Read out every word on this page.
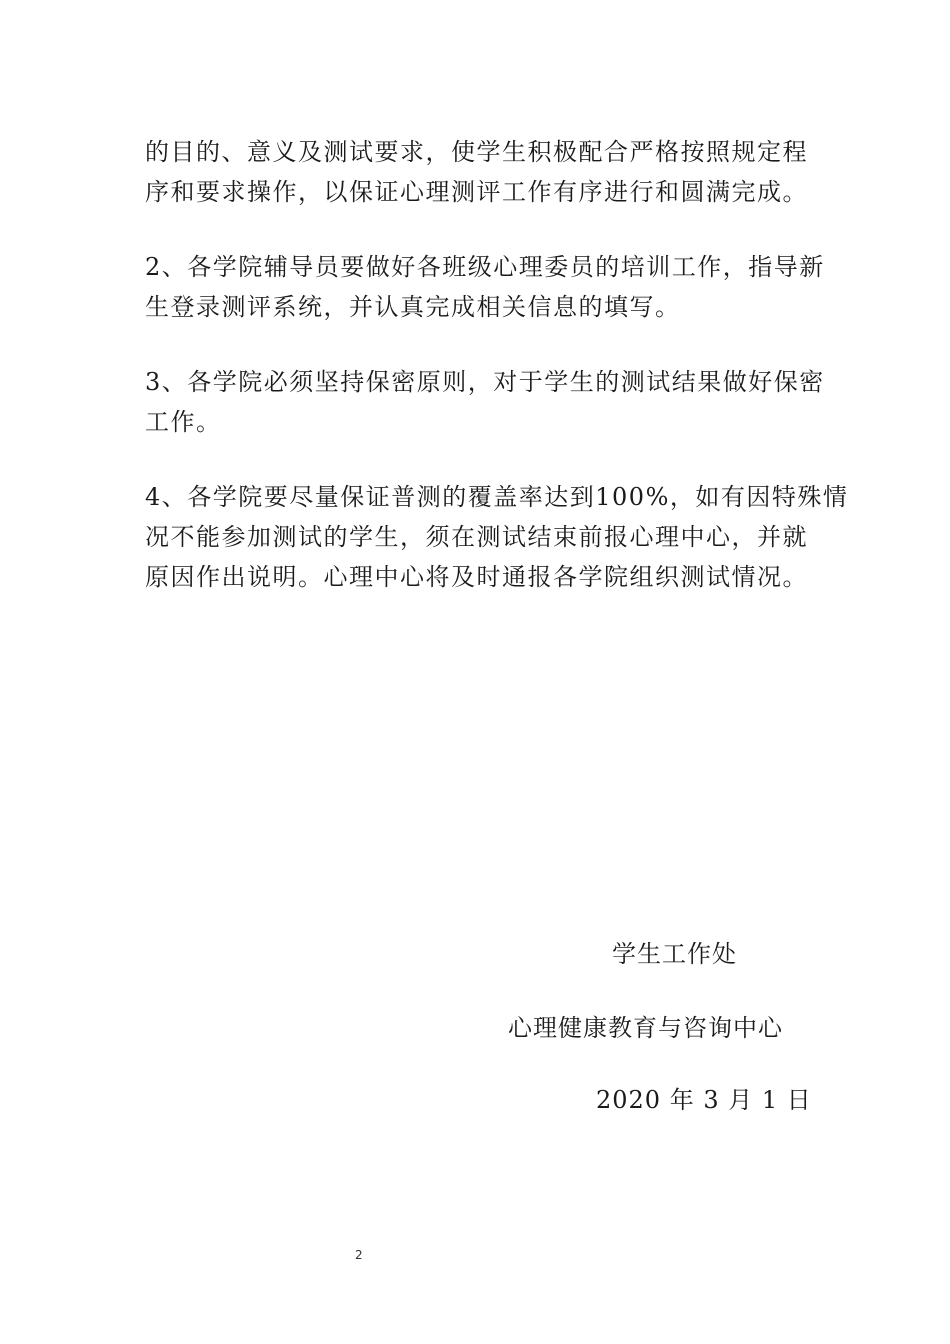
的目的、意义及测试要求，使学生积极配合严格按照规定程
序和要求操作，以保证心理测评工作有序进行和圆满完成。

2、各学院辅导员要做好各班级心理委员的培训工作，指导新
生登录测评系统，并认真完成相关信息的填写。

3、各学院必须坚持保密原则，对于学生的测试结果做好保密
工作。

4、各学院要尽量保证普测的覆盖率达到100%，如有因特殊情
况不能参加测试的学生，须在测试结束前报心理中心，并就
原因作出说明。心理中心将及时通报各学院组织测试情况。

学生工作处
心理健康教育与咨询中心
2020 年 3 月 1 日
2
